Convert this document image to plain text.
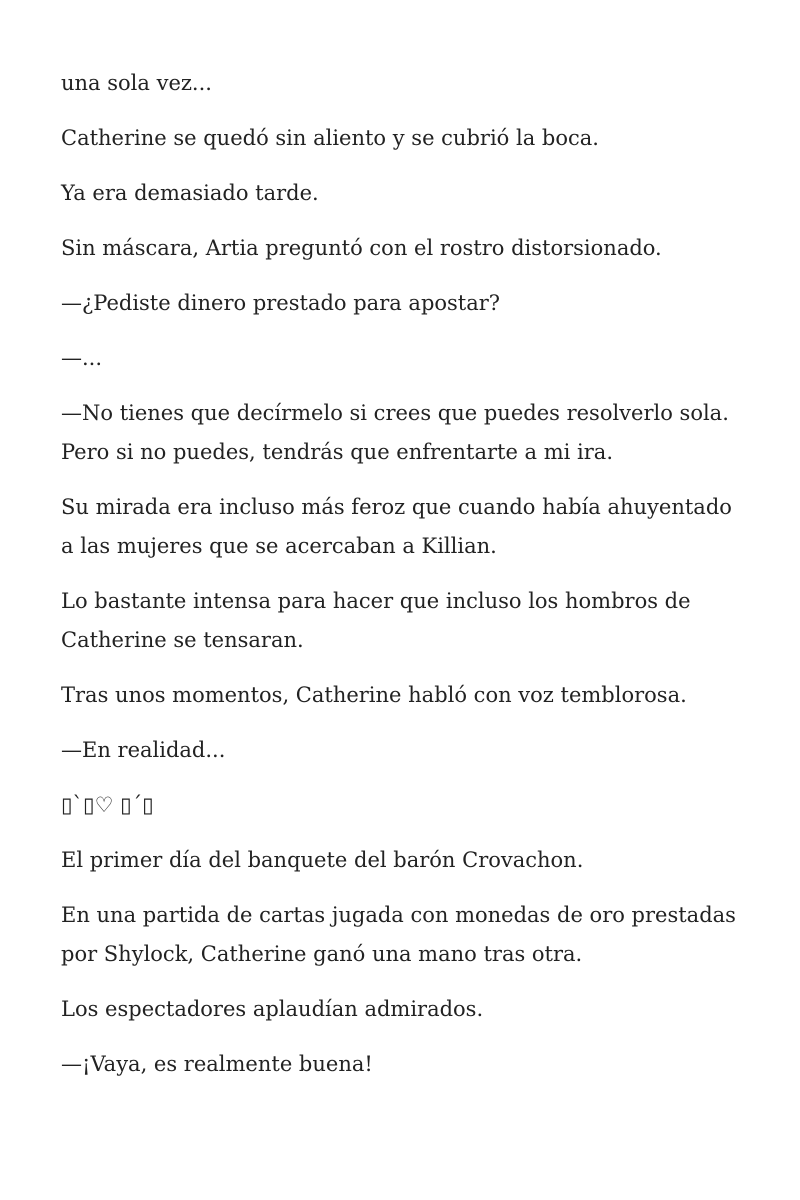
una sola vez...

Catherine se quedó sin aliento y se cubrió la boca.

Ya era demasiado tarde.

Sin máscara, Artia preguntó con el rostro distorsionado.

—¿Pediste dinero prestado para apostar?

—...

—No tienes que decírmelo si crees que puedes resolverlo sola. Pero si no puedes, tendrás que enfrentarte a mi ira.

Su mirada era incluso más feroz que cuando había ahuyentado a las mujeres que se acercaban a Killian.

Lo bastante intensa para hacer que incluso los hombros de Catherine se tensaran.

Tras unos momentos, Catherine habló con voz temblorosa.

—En realidad...

▯`▯♡ ▯´▯

El primer día del banquete del barón Crovachon.

En una partida de cartas jugada con monedas de oro prestadas por Shylock, Catherine ganó una mano tras otra.

Los espectadores aplaudían admirados.

—¡Vaya, es realmente buena!
